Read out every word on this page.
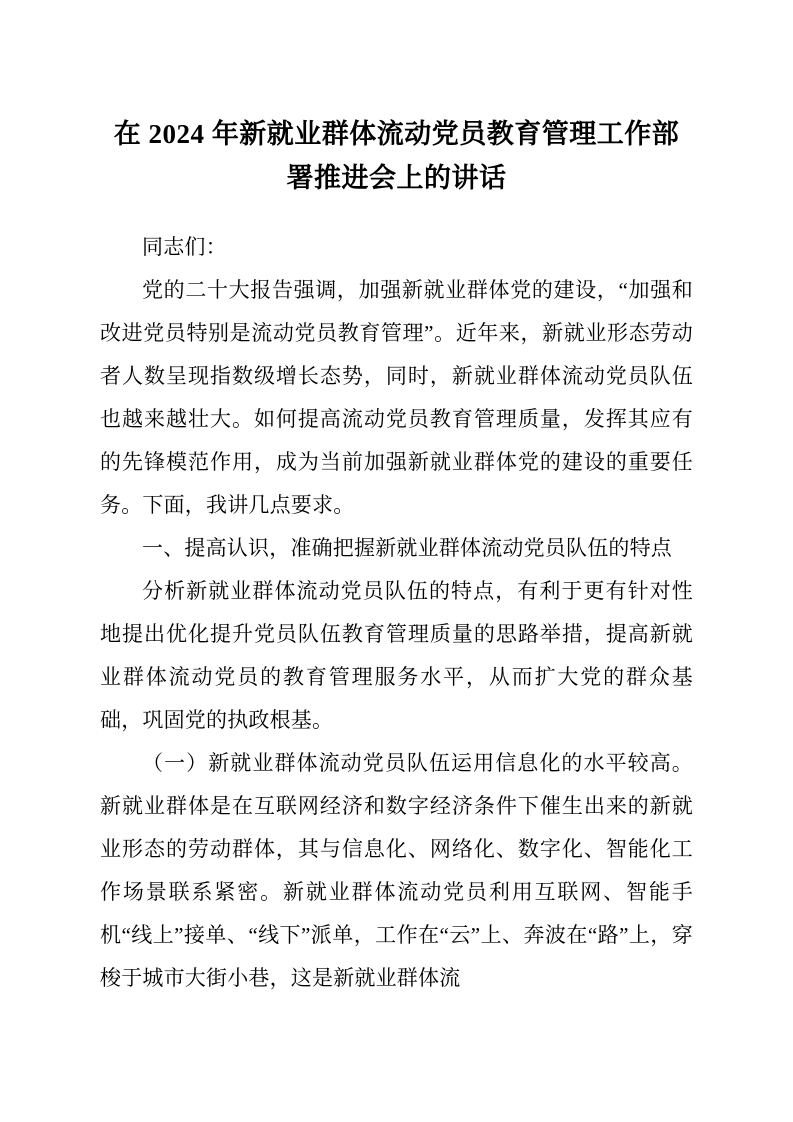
在 2024 年新就业群体流动党员教育管理工作部署推进会上的讲话

同志们：

党的二十大报告强调，加强新就业群体党的建设，“加强和改进党员特别是流动党员教育管理”。近年来，新就业形态劳动者人数呈现指数级增长态势，同时，新就业群体流动党员队伍也越来越壮大。如何提高流动党员教育管理质量，发挥其应有的先锋模范作用，成为当前加强新就业群体党的建设的重要任务。下面，我讲几点要求。

一、提高认识，准确把握新就业群体流动党员队伍的特点

分析新就业群体流动党员队伍的特点，有利于更有针对性地提出优化提升党员队伍教育管理质量的思路举措，提高新就业群体流动党员的教育管理服务水平，从而扩大党的群众基础，巩固党的执政根基。

（一）新就业群体流动党员队伍运用信息化的水平较高。新就业群体是在互联网经济和数字经济条件下催生出来的新就业形态的劳动群体，其与信息化、网络化、数字化、智能化工作场景联系紧密。新就业群体流动党员利用互联网、智能手机“线上”接单、“线下”派单，工作在“云”上、奔波在“路”上，穿梭于城市大街小巷，这是新就业群体流
